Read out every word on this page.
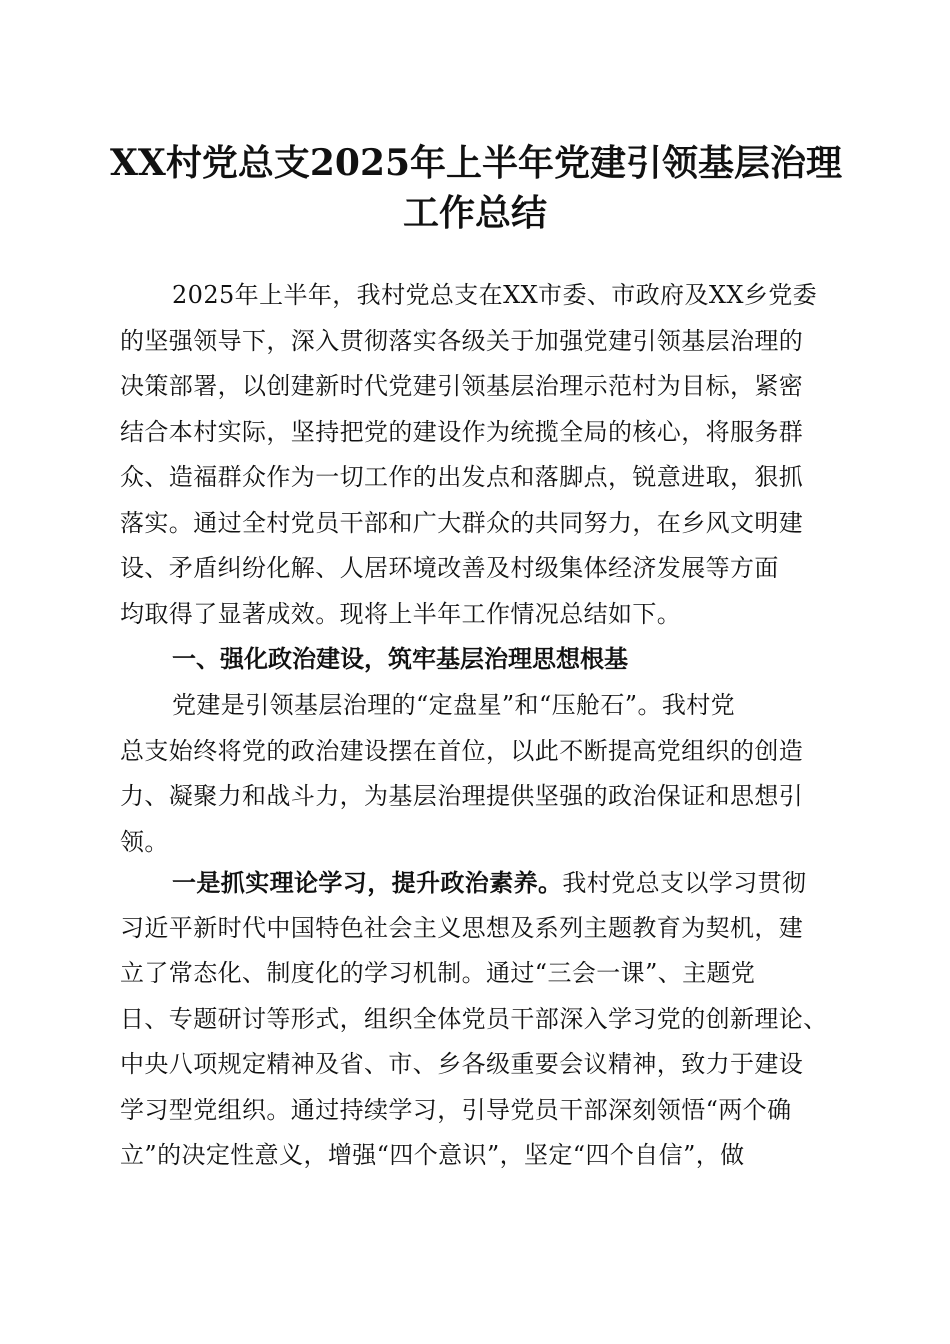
XX村党总支2025年上半年党建引领基层治理
工作总结
2025年上半年，我村党总支在XX市委、市政府及XX乡党委
的坚强领导下，深入贯彻落实各级关于加强党建引领基层治理的
决策部署，以创建新时代党建引领基层治理示范村为目标，紧密
结合本村实际，坚持把党的建设作为统揽全局的核心，将服务群
众、造福群众作为一切工作的出发点和落脚点，锐意进取，狠抓
落实。通过全村党员干部和广大群众的共同努力，在乡风文明建
设、矛盾纠纷化解、人居环境改善及村级集体经济发展等方面
均取得了显著成效。现将上半年工作情况总结如下。
一、强化政治建设，筑牢基层治理思想根基
党建是引领基层治理的“定盘星”和“压舱石”。我村党
总支始终将党的政治建设摆在首位，以此不断提高党组织的创造
力、凝聚力和战斗力，为基层治理提供坚强的政治保证和思想引
领。
一是抓实理论学习，提升政治素养。我村党总支以学习贯彻
习近平新时代中国特色社会主义思想及系列主题教育为契机，建
立了常态化、制度化的学习机制。通过“三会一课”、主题党
日、专题研讨等形式，组织全体党员干部深入学习党的创新理论、
中央八项规定精神及省、市、乡各级重要会议精神，致力于建设
学习型党组织。通过持续学习，引导党员干部深刻领悟“两个确
立”的决定性意义，增强“四个意识”，坚定“四个自信”，做
